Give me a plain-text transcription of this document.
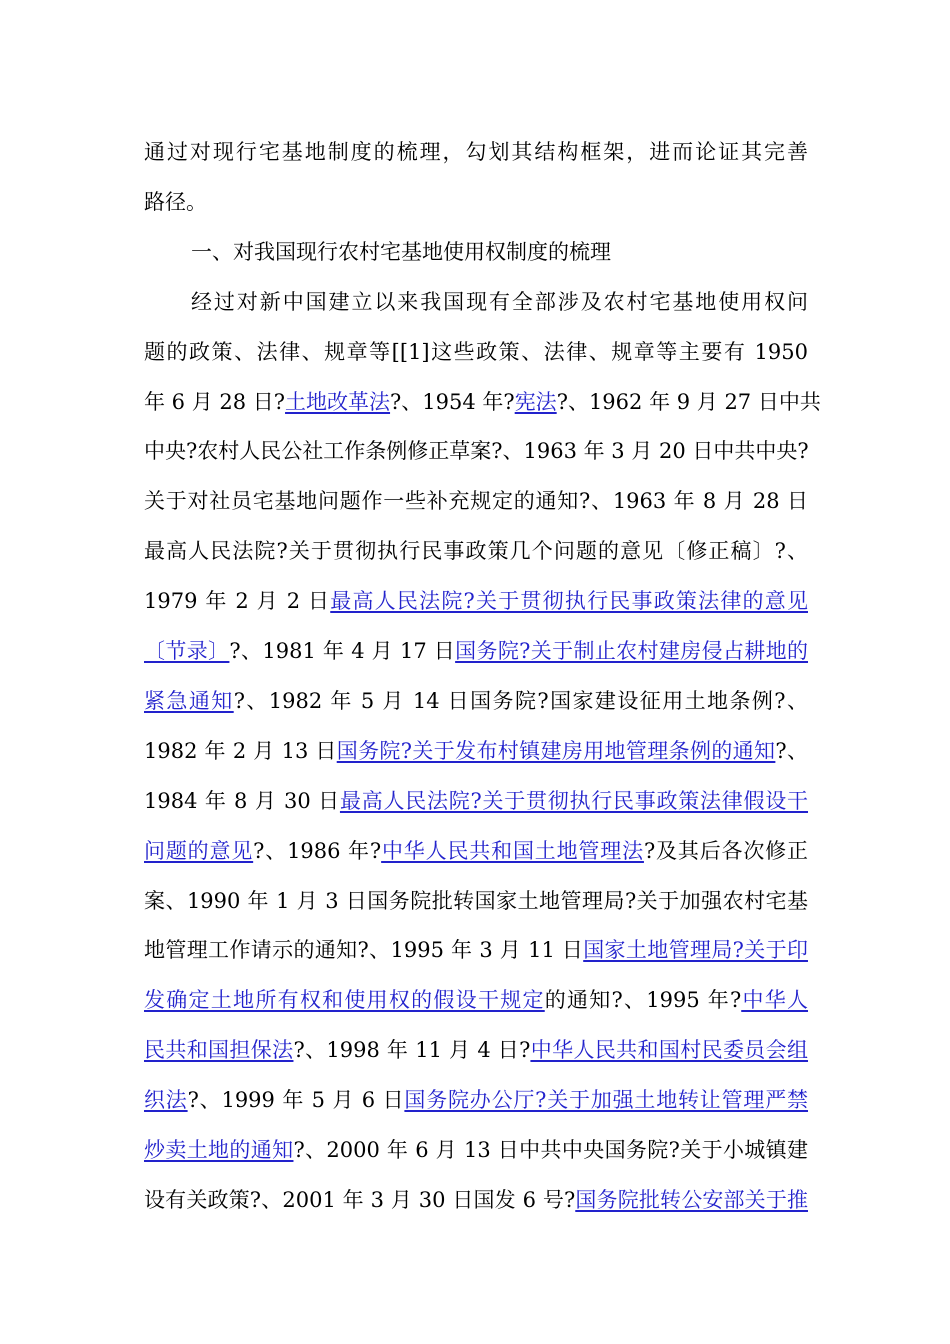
通过对现行宅基地制度的梳理，勾划其结构框架，进而论证其完善
路径。
一、对我国现行农村宅基地使用权制度的梳理
经过对新中国建立以来我国现有全部涉及农村宅基地使用权问
题的政策、法律、规章等[[1]这些政策、法律、规章等主要有 1950
年 6 月 28 日?土地改革法?、1954 年?宪法?、1962 年 9 月 27 日中共
中央?农村人民公社工作条例修正草案?、1963 年 3 月 20 日中共中央?
关于对社员宅基地问题作一些补充规定的通知?、1963 年 8 月 28 日
最高人民法院?关于贯彻执行民事政策几个问题的意见〔修正稿〕?、
1979 年 2 月 2 日最高人民法院?关于贯彻执行民事政策法律的意见
〔节录〕?、1981 年 4 月 17 日国务院?关于制止农村建房侵占耕地的
紧急通知?、1982 年 5 月 14 日国务院?国家建设征用土地条例?、
1982 年 2 月 13 日国务院?关于发布村镇建房用地管理条例的通知?、
1984 年 8 月 30 日最高人民法院?关于贯彻执行民事政策法律假设干
问题的意见?、1986 年?中华人民共和国土地管理法?及其后各次修正
案、1990 年 1 月 3 日国务院批转国家土地管理局?关于加强农村宅基
地管理工作请示的通知?、1995 年 3 月 11 日国家土地管理局?关于印
发确定土地所有权和使用权的假设干规定的通知?、1995 年?中华人
民共和国担保法?、1998 年 11 月 4 日?中华人民共和国村民委员会组
织法?、1999 年 5 月 6 日国务院办公厅?关于加强土地转让管理严禁
炒卖土地的通知?、2000 年 6 月 13 日中共中央国务院?关于小城镇建
设有关政策?、2001 年 3 月 30 日国发 6 号?国务院批转公安部关于推
